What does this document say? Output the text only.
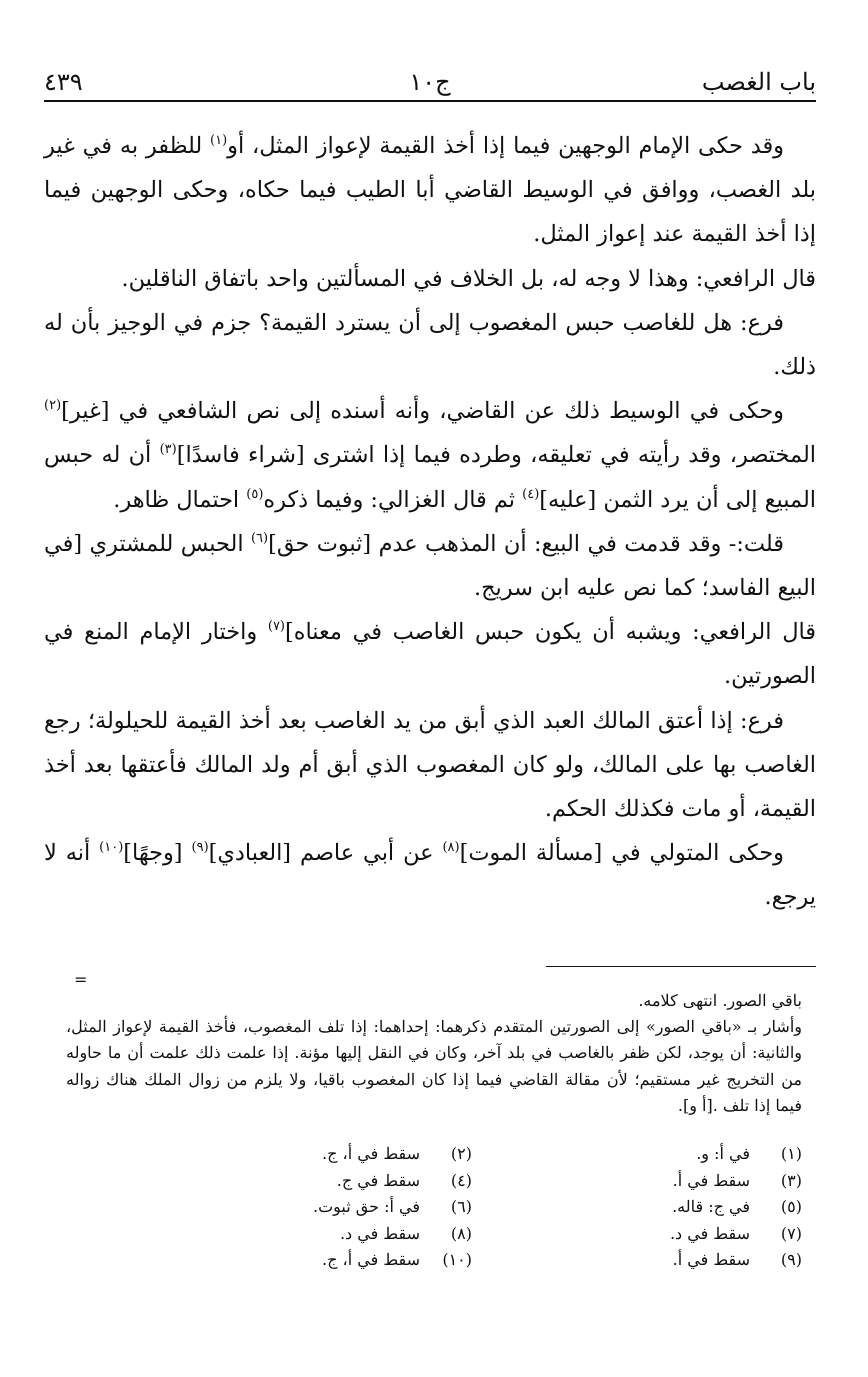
باب الغصب
ج١٠
٤٣٩

وقد حكى الإمام الوجهين فيما إذا أخذ القيمة لإعواز المثل، أو$^{(١)}$ للظفر به في غير بلد الغصب، ووافق في الوسيط القاضي أبا الطيب فيما حكاه، وحكى الوجهين فيما إذا أخذ القيمة عند إعواز المثل.

قال الرافعي: وهذا لا وجه له، بل الخلاف في المسألتين واحد باتفاق الناقلين.

فرع: هل للغاصب حبس المغصوب إلى أن يسترد القيمة؟ جزم في الوجيز بأن له ذلك.

وحكى في الوسيط ذلك عن القاضي، وأنه أسنده إلى نص الشافعي في [غير]$^{(٢)}$ المختصر، وقد رأيته في تعليقه، وطرده فيما إذا اشترى [شراء فاسدًا]$^{(٣)}$ أن له حبس المبيع إلى أن يرد الثمن [عليه]$^{(٤)}$ ثم قال الغزالي: وفيما ذكره$^{(٥)}$ احتمال ظاهر.

قلت:- وقد قدمت في البيع: أن المذهب عدم [ثبوت حق]$^{(٦)}$ الحبس للمشتري [في البيع الفاسد؛ كما نص عليه ابن سريج.

قال الرافعي: ويشبه أن يكون حبس الغاصب في معناه]$^{(٧)}$ واختار الإمام المنع في الصورتين.

فرع: إذا أعتق المالك العبد الذي أبق من يد الغاصب بعد أخذ القيمة للحيلولة؛ رجع الغاصب بها على المالك، ولو كان المغصوب الذي أبق أم ولد المالك فأعتقها بعد أخذ القيمة، أو مات فكذلك الحكم.

وحكى المتولي في [مسألة الموت]$^{(٨)}$ عن أبي عاصم [العبادي]$^{(٩)}$ [وجهًا]$^{(١٠)}$ أنه لا يرجع.

=

باقي الصور. انتهى كلامه.

وأشار بـ «باقي الصور» إلى الصورتين المتقدم ذكرهما: إحداهما: إذا تلف المغصوب، فأخذ القيمة لإعواز المثل، والثانية: أن يوجد، لكن ظفر بالغاصب في بلد آخر، وكان في النقل إليها مؤنة. إذا علمت ذلك علمت أن ما حاوله من التخريج غير مستقيم؛ لأن مقالة القاضي فيما إذا كان المغصوب باقيا، ولا يلزم من زوال الملك هناك زواله فيما إذا تلف .[أ و].

(١)في أ: و.
(٢)سقط في أ، ج.
(٣)سقط في أ.
(٤)سقط في ج.
(٥)في ج: قاله.
(٦)في أ: حق ثبوت.
(٧)سقط في د.
(٨)سقط في د.
(٩)سقط في أ.
(١٠)سقط في أ، ج.
